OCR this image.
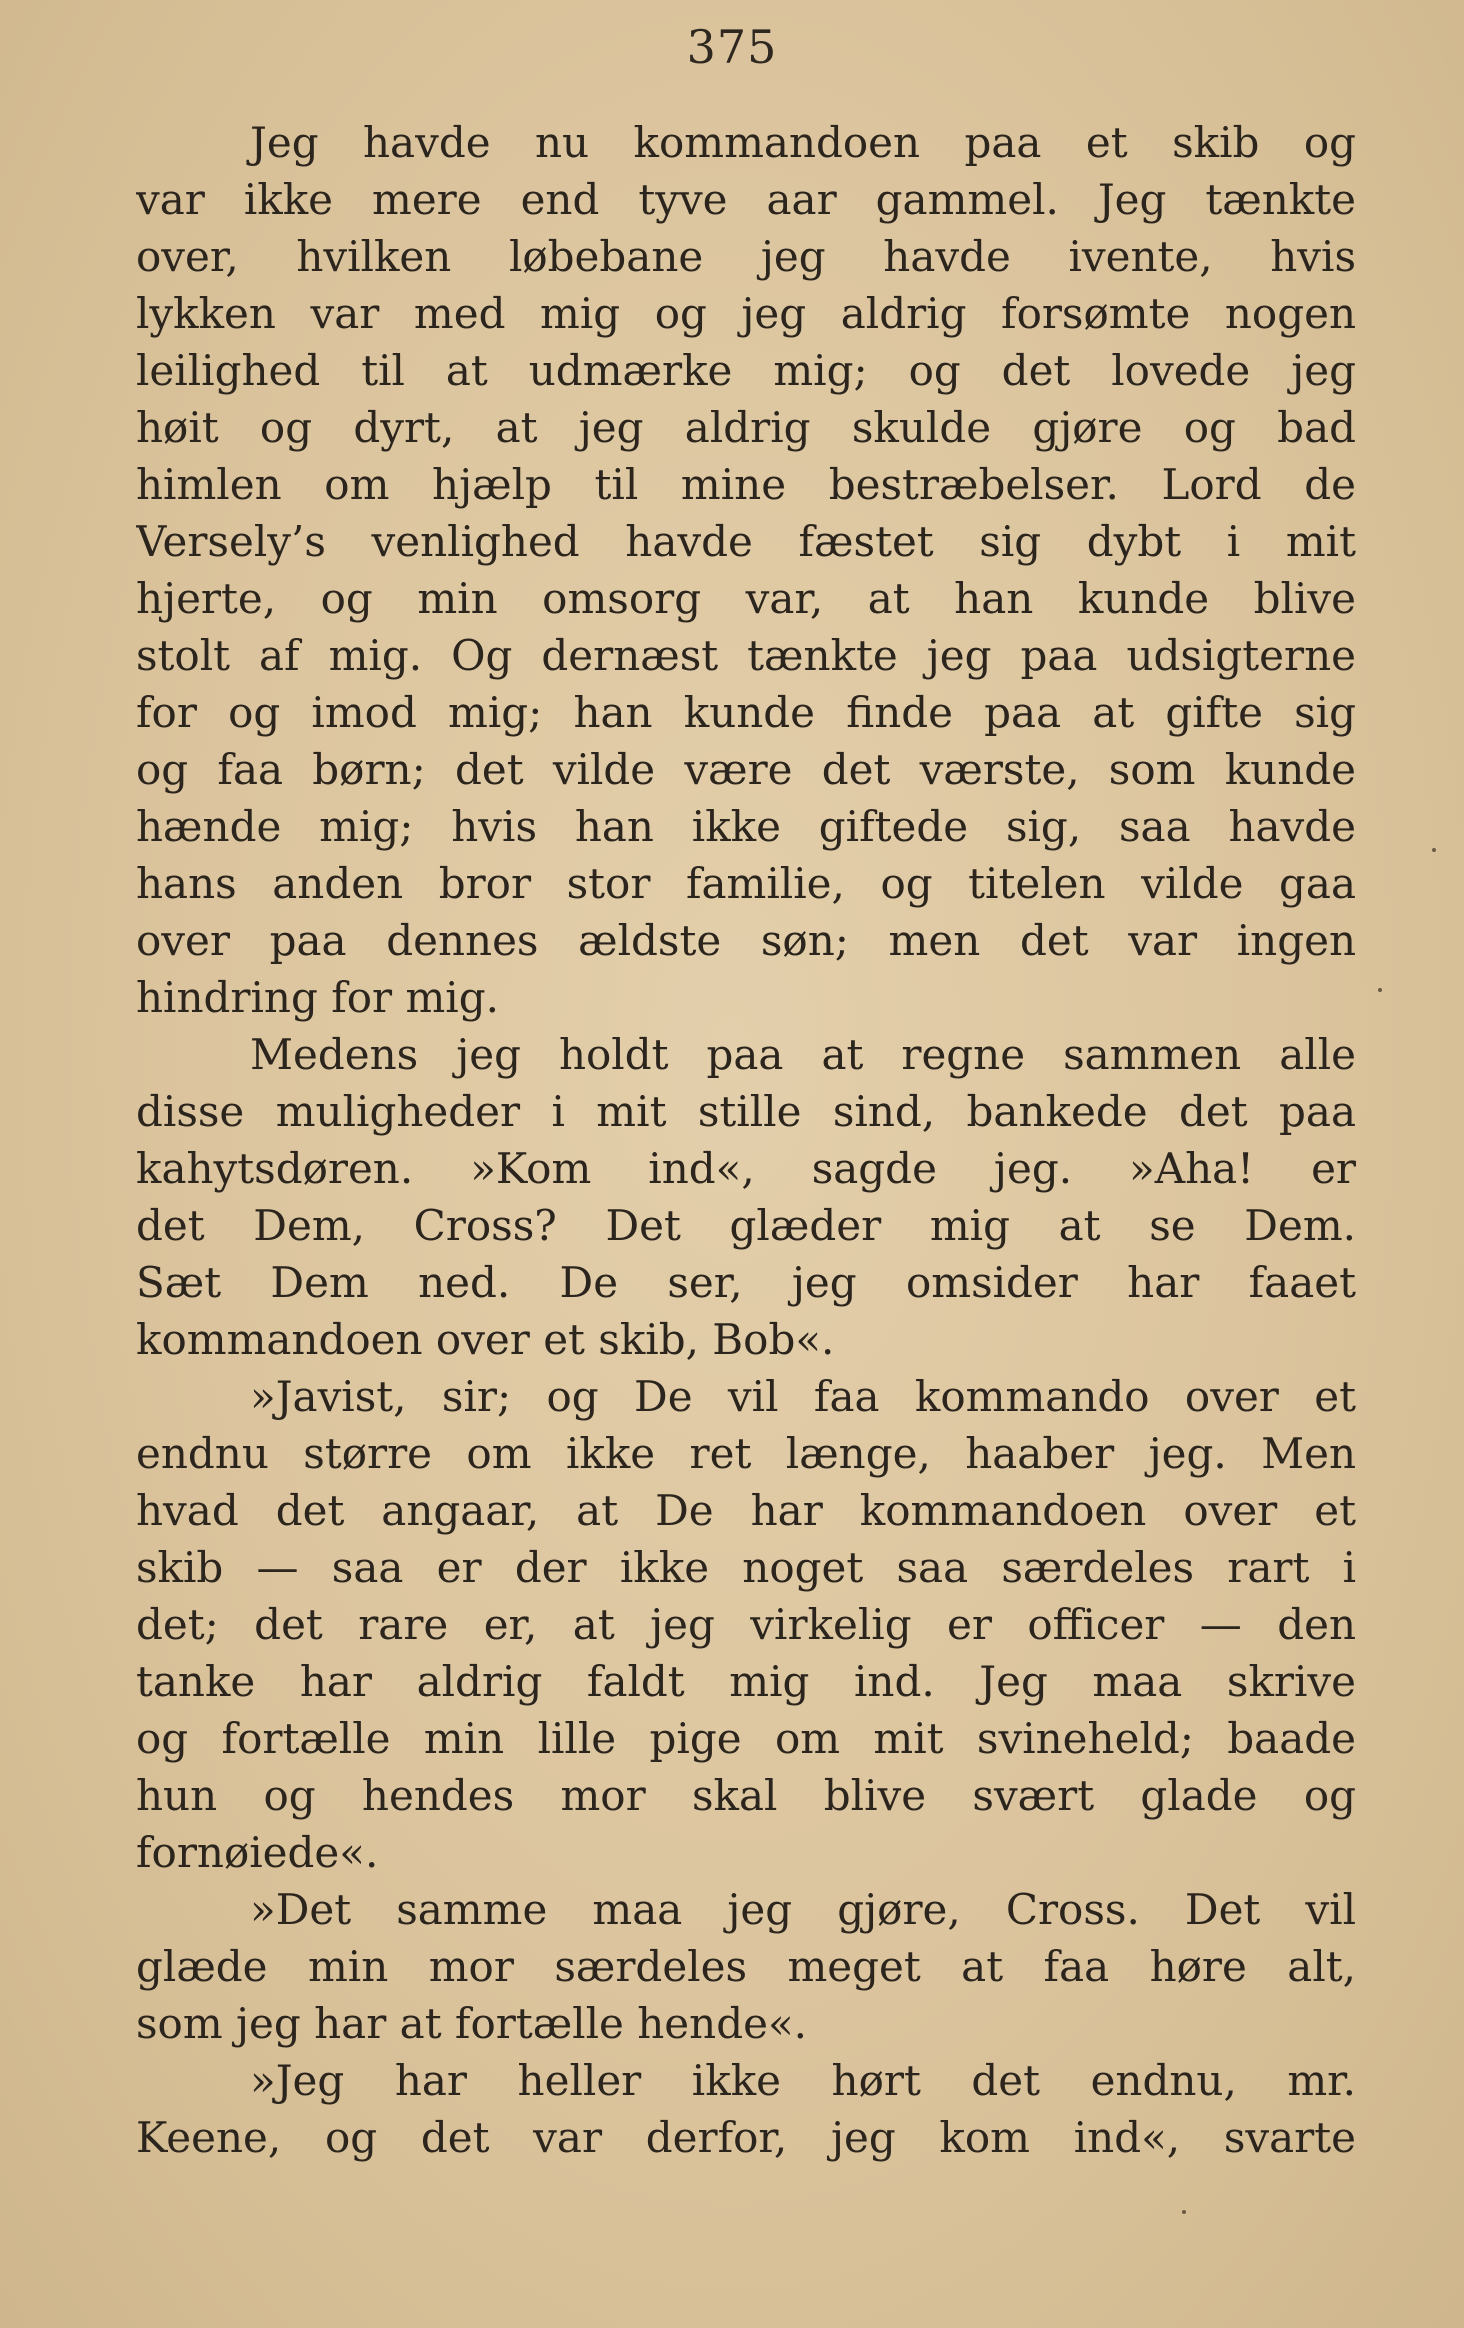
375
Jeg havde nu kommandoen paa et skib og
var ikke mere end tyve aar gammel. Jeg tænkte
over, hvilken løbebane jeg havde ivente, hvis
lykken var med mig og jeg aldrig forsømte nogen
leilighed til at udmærke mig; og det lovede jeg
høit og dyrt, at jeg aldrig skulde gjøre og bad
himlen om hjælp til mine bestræbelser. Lord de
Versely’s venlighed havde fæstet sig dybt i mit
hjerte, og min omsorg var, at han kunde blive
stolt af mig. Og dernæst tænkte jeg paa udsigterne
for og imod mig; han kunde finde paa at gifte sig
og faa børn; det vilde være det værste, som kunde
hænde mig; hvis han ikke giftede sig, saa havde
hans anden bror stor familie, og titelen vilde gaa
over paa dennes ældste søn; men det var ingen
hindring for mig.
Medens jeg holdt paa at regne sammen alle
disse muligheder i mit stille sind, bankede det paa
kahytsdøren. »Kom ind«, sagde jeg. »Aha! er
det Dem, Cross? Det glæder mig at se Dem.
Sæt Dem ned. De ser, jeg omsider har faaet
kommandoen over et skib, Bob«.
»Javist, sir; og De vil faa kommando over et
endnu større om ikke ret længe, haaber jeg. Men
hvad det angaar, at De har kommandoen over et
skib — saa er der ikke noget saa særdeles rart i
det; det rare er, at jeg virkelig er officer — den
tanke har aldrig faldt mig ind. Jeg maa skrive
og fortælle min lille pige om mit svineheld; baade
hun og hendes mor skal blive svært glade og
fornøiede«.
»Det samme maa jeg gjøre, Cross. Det vil
glæde min mor særdeles meget at faa høre alt,
som jeg har at fortælle hende«.
»Jeg har heller ikke hørt det endnu, mr.
Keene, og det var derfor, jeg kom ind«, svarte
